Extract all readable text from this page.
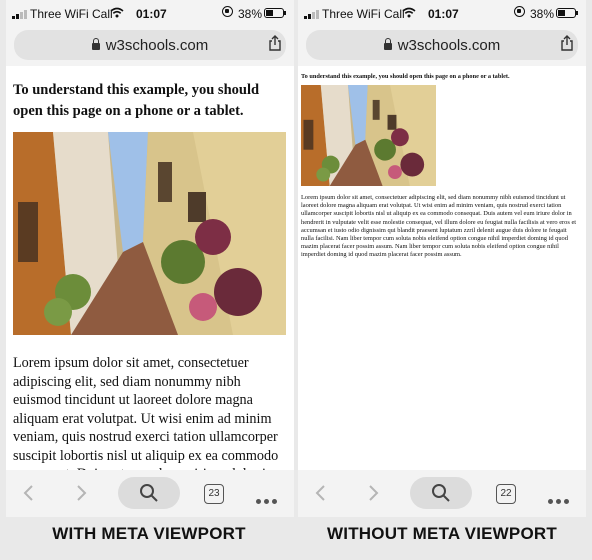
Three WiFi Call 01:07	38%
w3schools.com

To understand this example, you should open this page on a phone or a tablet.

Lorem ipsum dolor sit amet, consectetuer adipiscing elit, sed diam nonummy nibh euismod tincidunt ut laoreet dolore magna aliquam erat volutpat. Ut wisi enim ad minim veniam, quis nostrud exerci tation ullamcorper suscipit lobortis nisl ut aliquip ex ea commodo

23
Three WiFi Call 01:07	38%
w3schools.com

To understand this example, you should open this page on a phone or a tablet.

Lorem ipsum dolor sit amet, consectetuer adipiscing elit, sed diam nonummy nibh euismod tincidunt ut laoreet dolore magna aliquam erat volutpat. Ut wisi enim ad minim veniam, quis nostrud exerci tation ullamcorper suscipit lobortis nisl ut aliquip ex ea commodo consequat. Duis autem vel eum iriure dolor in hendrerit in vulputate velit esse molestie consequat, vel illum dolore eu feugiat nulla facilisis at vero eros et accumsan et iusto odio dignissim qui blandit praesent luptatum zzril delenit augue duis dolore te feugait nulla facilisi. Nam liber tempor cum soluta nobis eleifend option congue nihil imperdiet doming id quod mazim placerat facer possim assum. Nam liber tempor cum soluta nobis eleifend option congue nihil imperdiet doming id quod mazim placerat facer possim assum.

22
WITH META VIEWPORT	WITHOUT META VIEWPORT
